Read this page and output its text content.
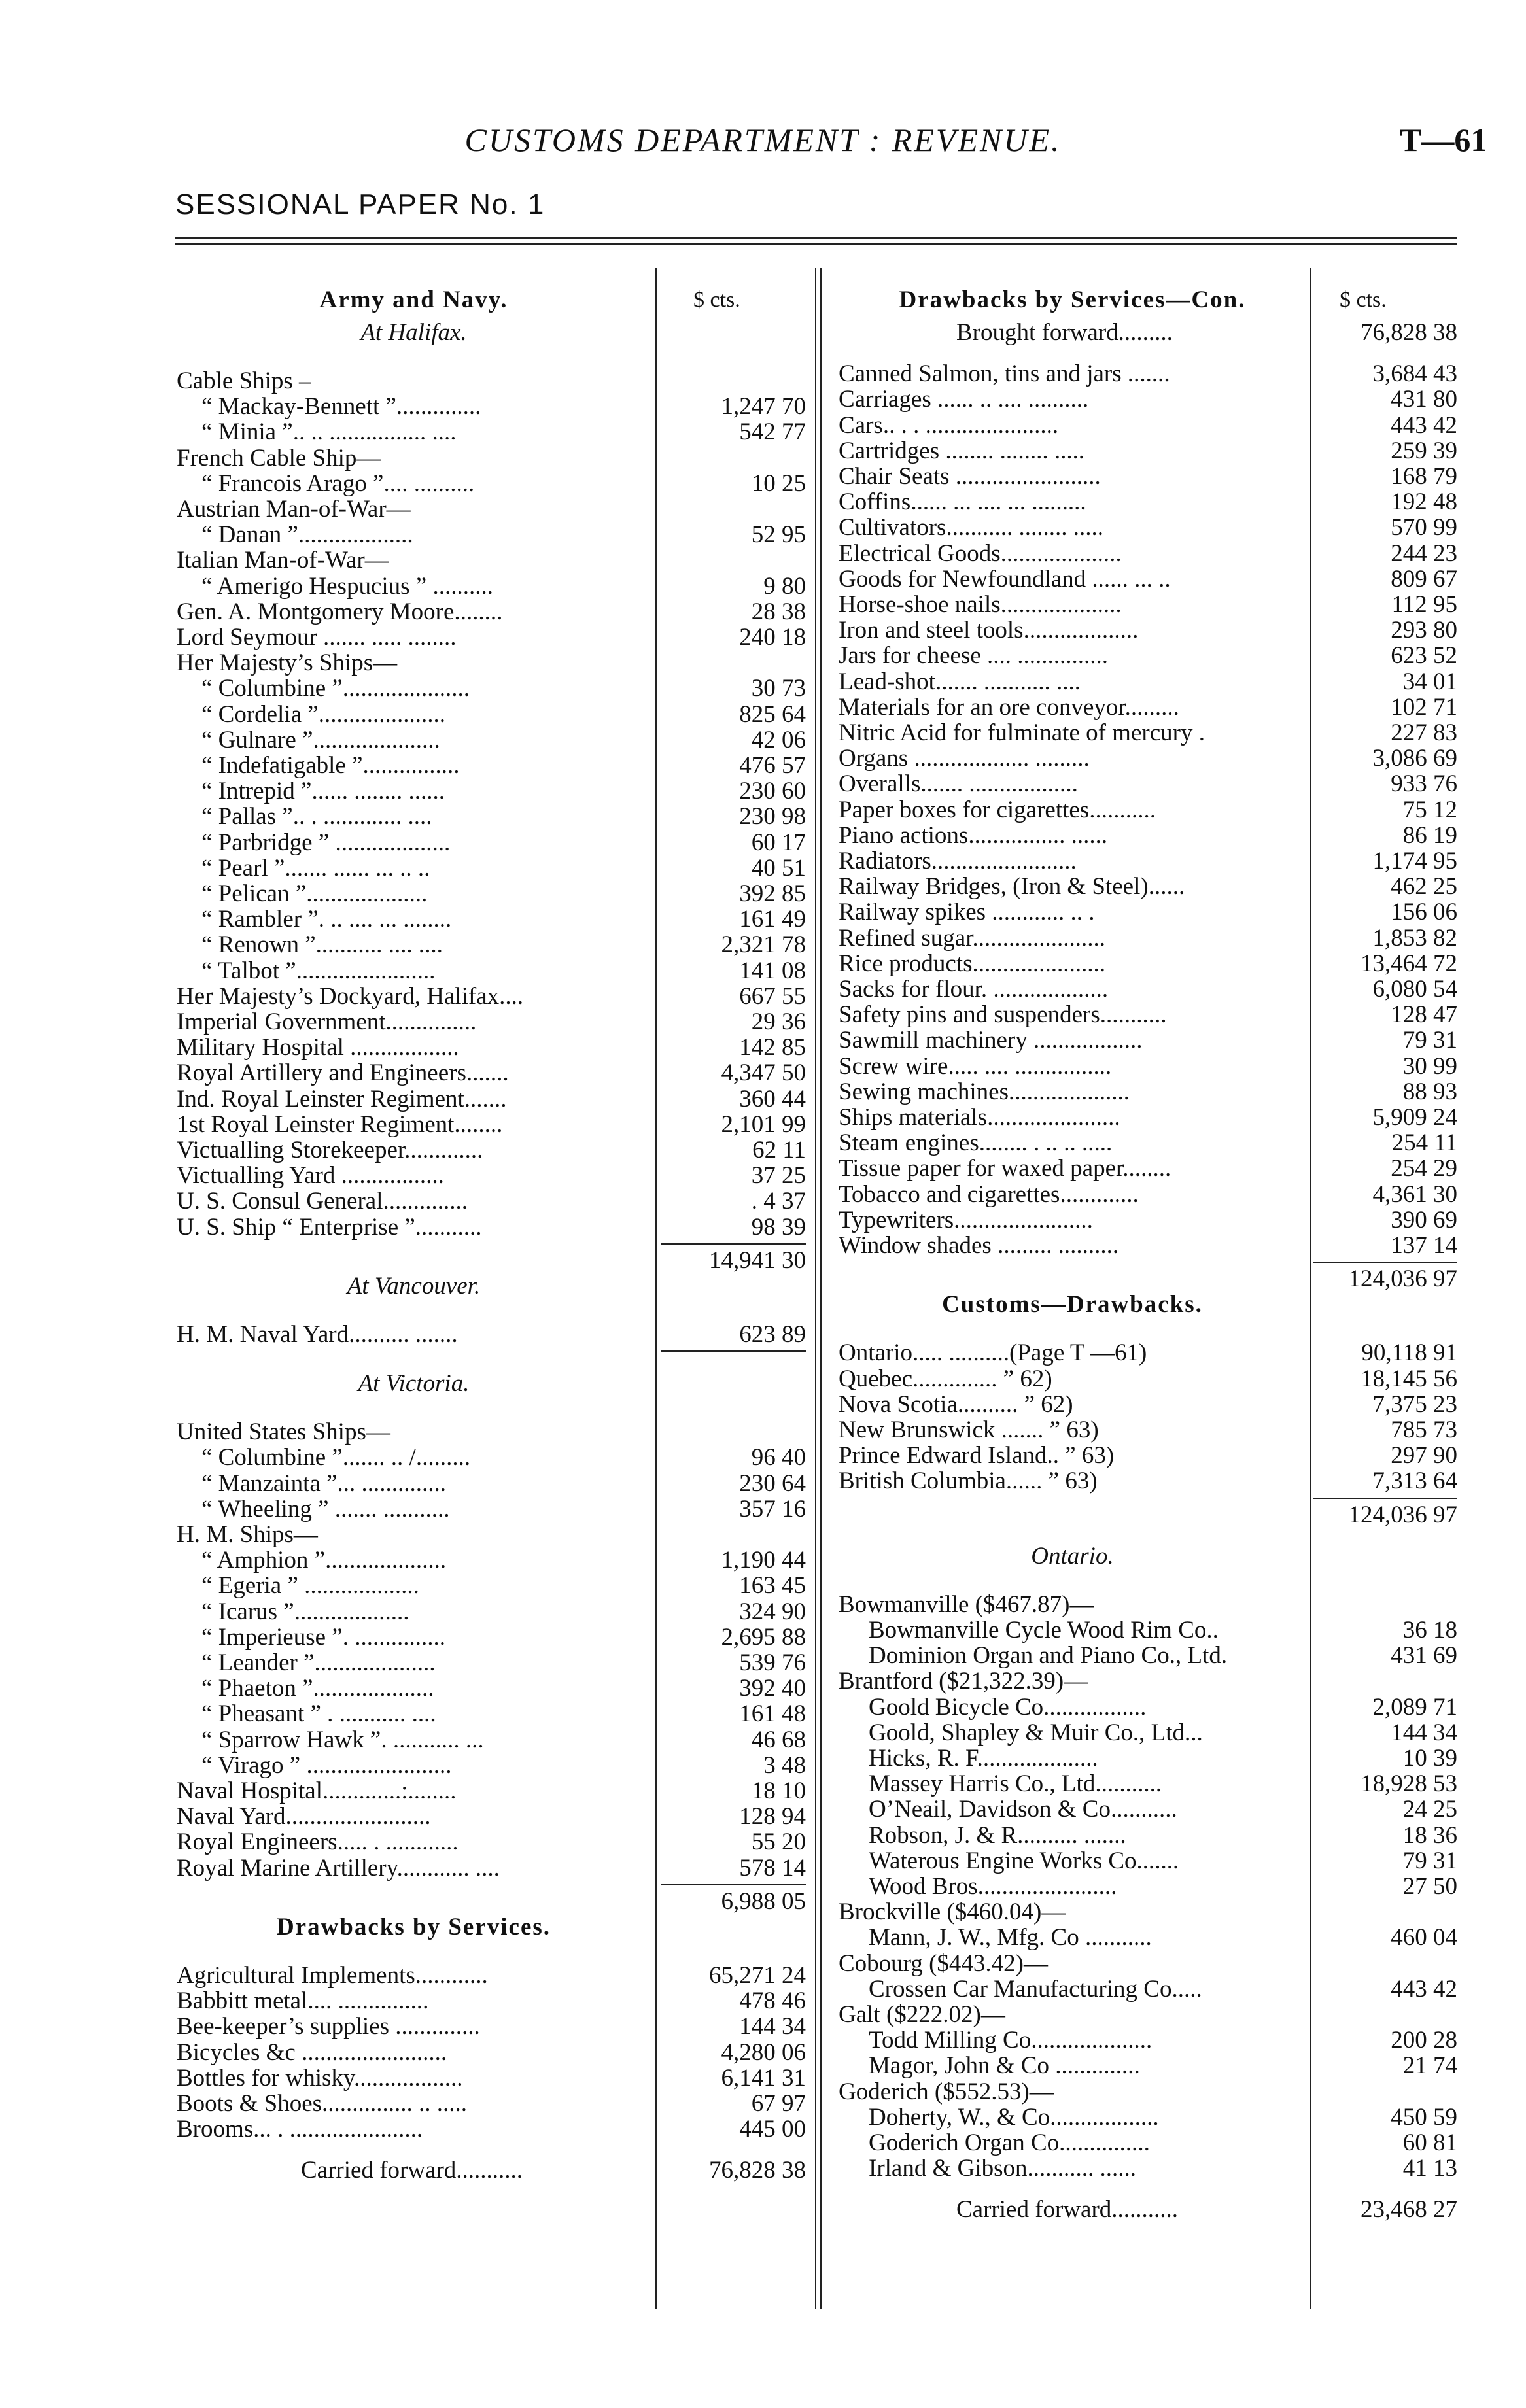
CUSTOMS DEPARTMENT : REVENUE.	T—61
SESSIONAL PAPER No. 1
$ cts.	$ cts.
Army and Navy.
At Halifax.
Cable Ships –
“ Mackay-Bennett ”..............	1,247 70
“ Minia ”.. .. ................ ....	542 77
French Cable Ship—
“ Francois Arago ”.... ..........	10 25
Austrian Man-of-War—
“ Danan ”...................	52 95
Italian Man-of-War—
“ Amerigo Hespucius ” ..........	9 80
Gen. A. Montgomery Moore........	28 38
Lord Seymour ....... ..... ........	240 18
Her Majesty’s Ships—
“ Columbine ”.....................	30 73
“ Cordelia ”.....................	825 64
“ Gulnare ”.....................	42 06
“ Indefatigable ”................	476 57
“ Intrepid ”...... ........ ......	230 60
“ Pallas ”.. . ............. ....	230 98
“ Parbridge ” ...................	60 17
“ Pearl ”....... ...... ... .. ..	40 51
“ Pelican ”....................	392 85
“ Rambler ”. .. .... ... ........	161 49
“ Renown ”........... .... ....	2,321 78
“ Talbot ”.......................	141 08
Her Majesty’s Dockyard, Halifax....	667 55
Imperial Government...............	29 36
Military Hospital ..................	142 85
Royal Artillery and Engineers.......	4,347 50
Ind. Royal Leinster Regiment.......	360 44
1st Royal Leinster Regiment........	2,101 99
Victualling Storekeeper.............	62 11
Victualling Yard .................	37 25
U. S. Consul General..............	. 4 37
U. S. Ship “ Enterprise ”...........	98 39
14,941 30
At Vancouver.
H. M. Naval Yard.......... .......	623 89
At Victoria.
United States Ships—
“ Columbine ”....... .. /.........	96 40
“ Manzainta ”... ..............	230 64
“ Wheeling ” ....... ...........	357 16
H. M. Ships—
“ Amphion ”....................	1,190 44
“ Egeria ” ...................	163 45
“ Icarus ”...................	324 90
“ Imperieuse ”. ...............	2,695 88
“ Leander ”....................	539 76
“ Phaeton ”....................	392 40
“ Pheasant ” . ........... ....	161 48
“ Sparrow Hawk ”. ........... ...	46 68
“ Virago ” ........................	3 48
Naval Hospital.............:........	18 10
Naval Yard........................	128 94
Royal Engineers..... . ............	55 20
Royal Marine Artillery............ ....	578 14
6,988 05
Drawbacks by Services.
Agricultural Implements............	65,271 24
Babbitt metal.... ...............	478 46
Bee-keeper’s supplies ..............	144 34
Bicycles &c ........................	4,280 06
Bottles for whisky..................	6,141 31
Boots & Shoes............... .. .....	67 97
Brooms... . ......................	445 00
Carried forward...........	76,828 38
Drawbacks by Services—Con.
Brought forward.........	76,828 38
Canned Salmon, tins and jars .......	3,684 43
Carriages ...... .. .... ..........	431 80
Cars.. . . ......................	443 42
Cartridges ........ ........ .....	259 39
Chair Seats ........................	168 79
Coffins...... ... .... ... .........	192 48
Cultivators........... ........ .....	570 99
Electrical Goods....................	244 23
Goods for Newfoundland ...... ... ..	809 67
Horse-shoe nails....................	112 95
Iron and steel tools...................	293 80
Jars for cheese .... ...............	623 52
Lead-shot....... ........... ....	34 01
Materials for an ore conveyor.........	102 71
Nitric Acid for fulminate of mercury .	227 83
Organs ................... .........	3,086 69
Overalls....... ..................	933 76
Paper boxes for cigarettes...........	75 12
Piano actions................ ......	86 19
Radiators........................	1,174 95
Railway Bridges, (Iron & Steel)......	462 25
Railway spikes ............ .. .	156 06
Refined sugar......................	1,853 82
Rice products......................	13,464 72
Sacks for flour. ...................	6,080 54
Safety pins and suspenders...........	128 47
Sawmill machinery ..................	79 31
Screw wire..... .... ................	30 99
Sewing machines....................	88 93
Ships materials......................	5,909 24
Steam engines........ . .. .. .....	254 11
Tissue paper for waxed paper........	254 29
Tobacco and cigarettes.............	4,361 30
Typewriters.......................	390 69
Window shades ......... ..........	137 14
124,036 97
Customs—Drawbacks.
Ontario..... ..........(Page T —61)	90,118 91
Quebec.............. ” 62)	18,145 56
Nova Scotia.......... ” 62)	7,375 23
New Brunswick ....... ” 63)	785 73
Prince Edward Island.. ” 63)	297 90
British Columbia...... ” 63)	7,313 64
124,036 97
Ontario.
Bowmanville ($467.87)—
Bowmanville Cycle Wood Rim Co..	36 18
Dominion Organ and Piano Co., Ltd.	431 69
Brantford ($21,322.39)—
Goold Bicycle Co.................	2,089 71
Goold, Shapley & Muir Co., Ltd...	144 34
Hicks, R. F....................	10 39
Massey Harris Co., Ltd...........	18,928 53
O’Neail, Davidson & Co...........	24 25
Robson, J. & R.......... .......	18 36
Waterous Engine Works Co.......	79 31
Wood Bros.......................	27 50
Brockville ($460.04)—
Mann, J. W., Mfg. Co ...........	460 04
Cobourg ($443.42)—
Crossen Car Manufacturing Co.....	443 42
Galt ($222.02)—
Todd Milling Co....................	200 28
Magor, John & Co ..............	21 74
Goderich ($552.53)—
Doherty, W., & Co..................	450 59
Goderich Organ Co...............	60 81
Irland & Gibson........... ......	41 13
Carried forward...........	23,468 27
